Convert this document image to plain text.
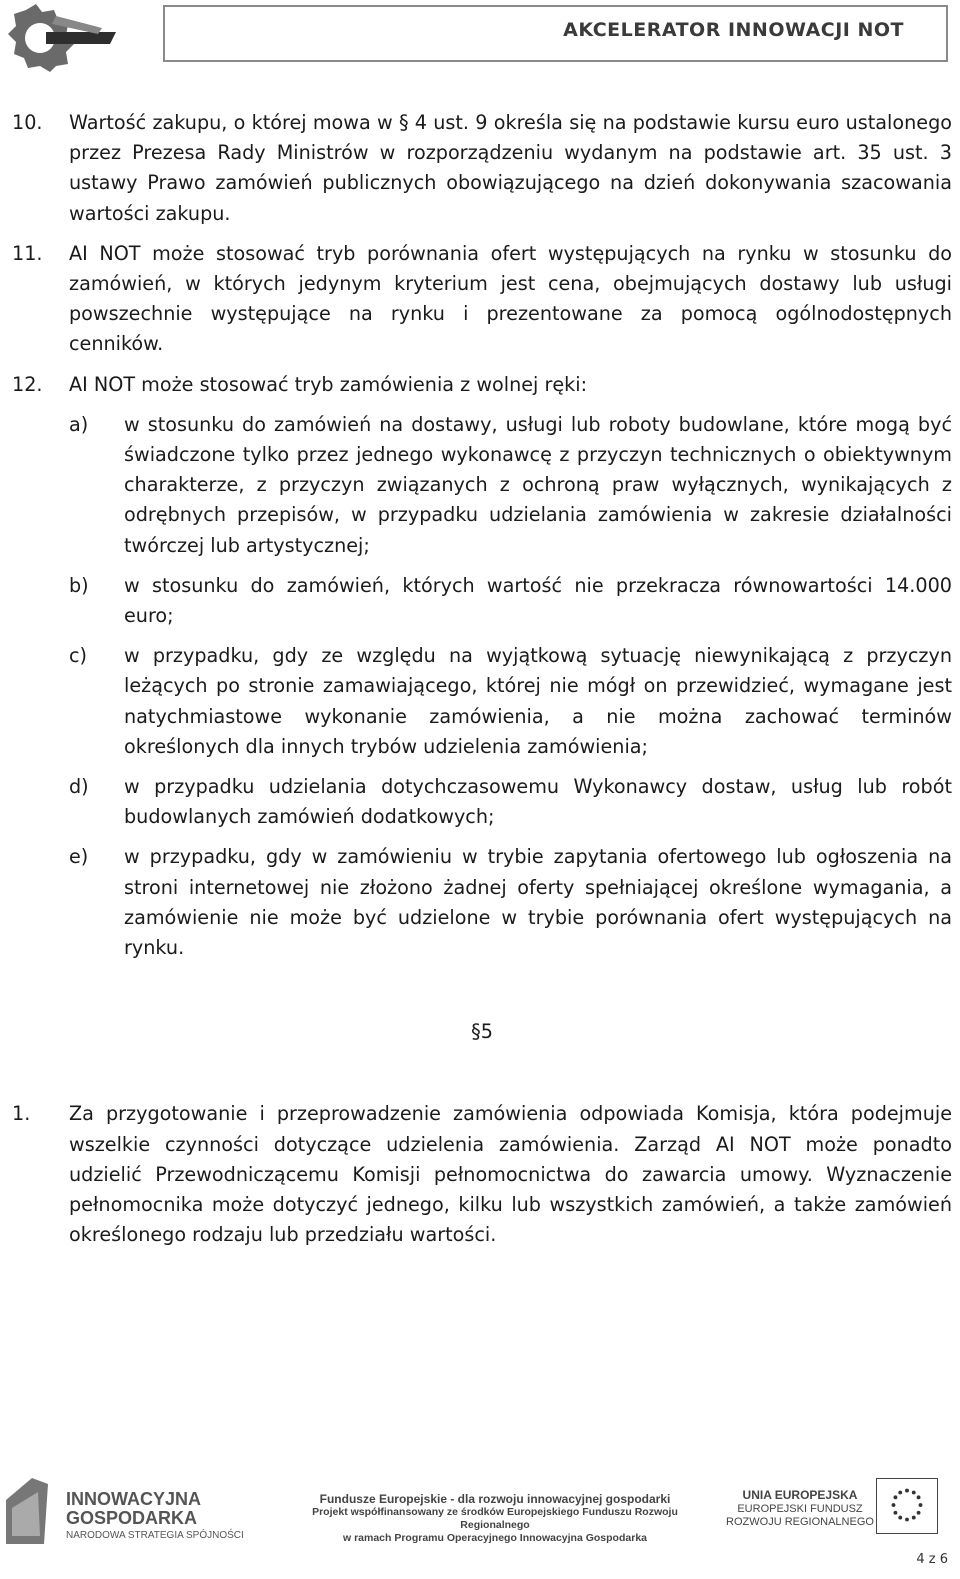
AKCELERATOR INNOWACJI NOT
10.	Wartość zakupu, o której mowa w § 4 ust. 9 określa się na podstawie kursu euro ustalonego przez Prezesa Rady Ministrów w rozporządzeniu wydanym na podstawie art. 35 ust. 3 ustawy Prawo zamówień publicznych obowiązującego na dzień dokonywania szacowania wartości zakupu.
11.	AI NOT może stosować tryb porównania ofert występujących na rynku w stosunku do zamówień, w których jedynym kryterium jest cena, obejmujących dostawy lub usługi powszechnie występujące na rynku i prezentowane za pomocą ogólnodostępnych cenników.
12.	AI NOT może stosować tryb zamówienia z wolnej ręki:
a)	w stosunku do zamówień na dostawy, usługi lub roboty budowlane, które mogą być świadczone tylko przez jednego wykonawcę z przyczyn technicznych o obiektywnym charakterze, z przyczyn związanych z ochroną praw wyłącznych, wynikających z odrębnych przepisów, w przypadku udzielania zamówienia w zakresie działalności twórczej lub artystycznej;
b)	w stosunku do zamówień, których wartość nie przekracza równowartości 14.000 euro;
c)	w przypadku, gdy ze względu na wyjątkową sytuację niewynikającą z przyczyn leżących po stronie zamawiającego, której nie mógł on przewidzieć, wymagane jest natychmiastowe wykonanie zamówienia, a nie można zachować terminów określonych dla innych trybów udzielenia zamówienia;
d)	w przypadku udzielania dotychczasowemu Wykonawcy dostaw, usług lub robót budowlanych zamówień dodatkowych;
e)	w przypadku, gdy w zamówieniu w trybie zapytania ofertowego lub ogłoszenia na stroni internetowej nie złożono żadnej oferty spełniającej określone wymagania, a zamówienie nie może być udzielone w trybie porównania ofert występujących na rynku.
§5
1.	Za przygotowanie i przeprowadzenie zamówienia odpowiada Komisja, która podejmuje wszelkie czynności dotyczące udzielenia zamówienia. Zarząd AI NOT może ponadto udzielić Przewodniczącemu Komisji pełnomocnictwa do zawarcia umowy. Wyznaczenie pełnomocnika może dotyczyć jednego, kilku lub wszystkich zamówień, a także zamówień określonego rodzaju lub przedziału wartości.
INNOWACYJNA
GOSPODARKA
NARODOWA STRATEGIA SPÓJNOŚCI
Fundusze Europejskie - dla rozwoju innowacyjnej gospodarki
Projekt współfinansowany ze środków Europejskiego Funduszu Rozwoju Regionalnego
w ramach Programu Operacyjnego Innowacyjna Gospodarka
UNIA EUROPEJSKA
EUROPEJSKI FUNDUSZ
ROZWOJU REGIONALNEGO
4 z 6
